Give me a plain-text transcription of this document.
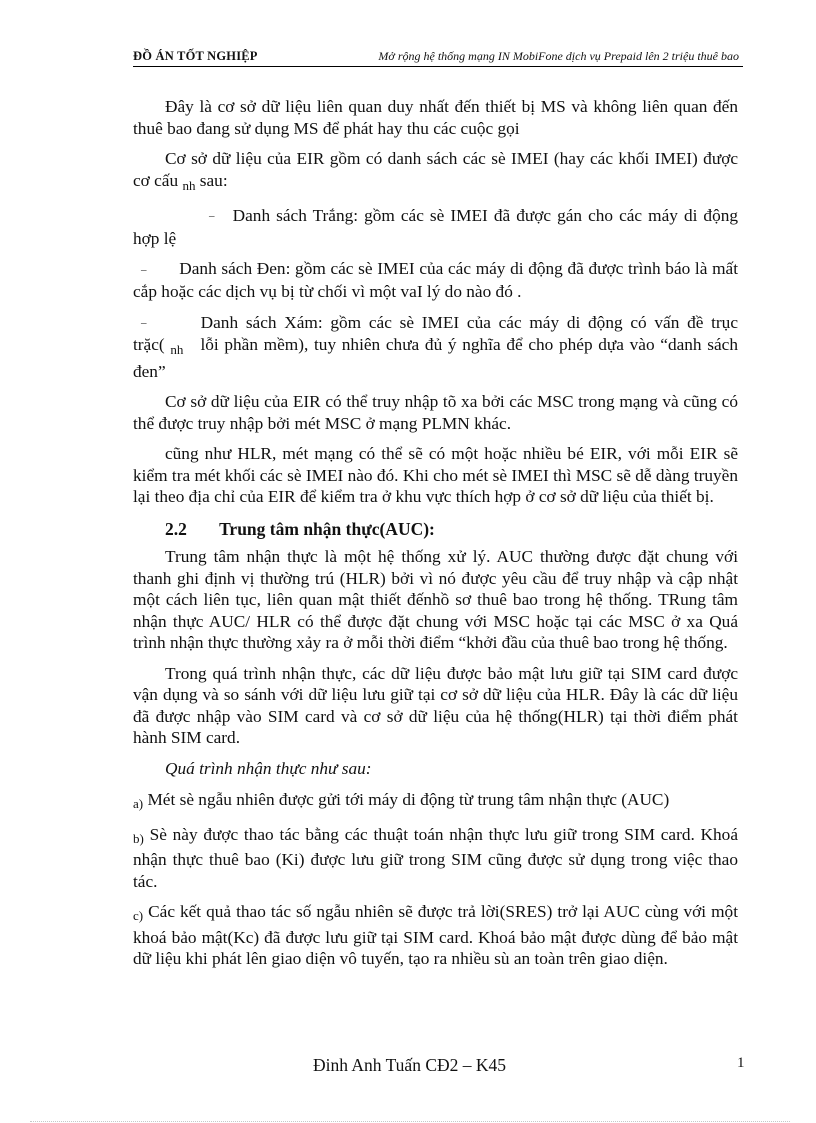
ĐỒ ÁN TỐT NGHIỆP	Mở rộng hệ thống mạng IN MobiFone dịch vụ Prepaid lên 2 triệu thuê bao

Đây là cơ sở dữ liệu liên quan duy nhất đến thiết bị MS và không liên quan đến thuê bao đang sử dụng MS để phát hay thu các cuộc gọi

Cơ sở dữ liệu của EIR gồm có danh sách các sè IMEI (hay các khối IMEI) được cơ cấu $_{nh}$ sau:

– Danh sách Trắng: gồm các sè IMEI đã được gán cho các máy di động hợp lệ

– Danh sách Đen: gồm các sè IMEI của các máy di động đã được trình báo là mất cắp hoặc các dịch vụ bị từ chối vì một vaI lý do nào đó .

–	Danh sách Xám: gồm các sè IMEI của các máy di động có vấn đề trục trặc( $_{nh}$ lỗi phần mềm), tuy nhiên chưa đủ ý nghĩa để cho phép dựa vào “danh sách đen”

Cơ sở dữ liệu của EIR có thể truy nhập tõ xa bởi các MSC trong mạng và cũng có thể được truy nhập bởi mét MSC ở mạng PLMN khác.

cũng như HLR, mét mạng có thể sẽ có một hoặc nhiều bé EIR, với mỗi EIR sẽ kiểm tra mét khối các sè IMEI nào đó. Khi cho mét sè IMEI thì MSC sẽ dễ dàng truyền lại theo địa chỉ của EIR để kiểm tra ở khu vực thích hợp ở cơ sở dữ liệu của thiết bị.

2.2 Trung tâm nhận thực(AUC):

Trung tâm nhận thực là một hệ thống xử lý. AUC thường được đặt chung với thanh ghi định vị thường trú (HLR) bởi vì nó được yêu cầu để truy nhập và cập nhật một cách liên tục, liên quan mật thiết đếnhồ sơ thuê bao trong hệ thống. TRung tâm nhận thực AUC/ HLR có thể được đặt chung với MSC hoặc tại các MSC ở xa Quá trình nhận thực thường xảy ra ở mỗi thời điểm “khởi đầu của thuê bao trong hệ thống.

Trong quá trình nhận thực, các dữ liệu được bảo mật lưu giữ tại SIM card được vận dụng và so sánh với dữ liệu lưu giữ tại cơ sở dữ liệu của HLR. Đây là các dữ liệu đã được nhập vào SIM card và cơ sở dữ liệu của hệ thống(HLR) tại thời điểm phát hành SIM card.

Quá trình nhận thực như sau:

a) Mét sè ngẫu nhiên được gửi tới máy di động từ trung tâm nhận thực (AUC)

b) Sè này được thao tác bằng các thuật toán nhận thực lưu giữ trong SIM card. Khoá nhận thực thuê bao (Ki) được lưu giữ trong SIM cũng được sử dụng trong việc thao tác.

c) Các kết quả thao tác số ngẫu nhiên sẽ được trả lời(SRES) trở lại AUC cùng với một khoá bảo mật(Kc) đã được lưu giữ tại SIM card. Khoá bảo mật được dùng để bảo mật dữ liệu khi phát lên giao diện vô tuyến, tạo ra nhiều sù an toàn trên giao diện.

Đinh Anh Tuấn CĐ2 – K45	1
